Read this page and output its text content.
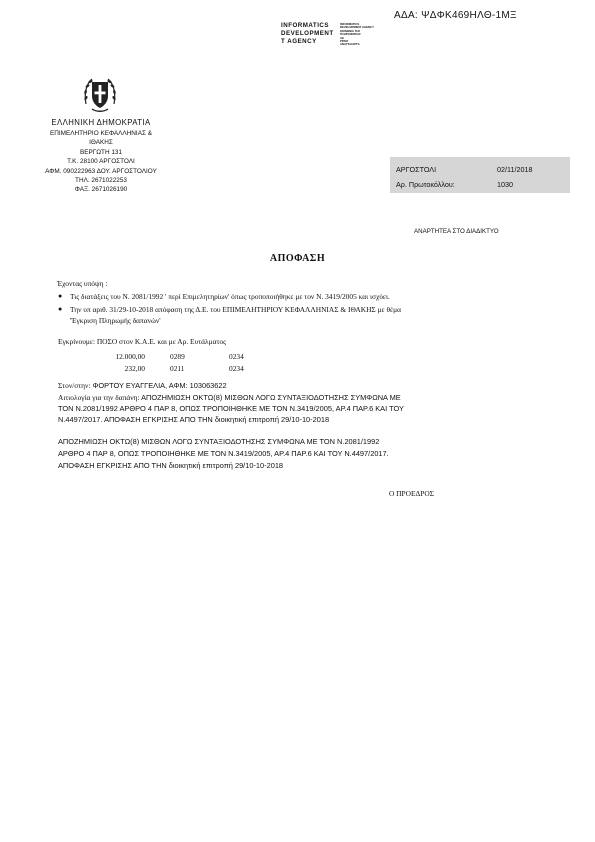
ΑΔΑ: ΨΔΦΚ469ΗΛΘ-1ΜΞ
INFORMATICS
DEVELOPMENT
T AGENCY
INFORMATICS
DEVELOPMENT AGENCY
ΚΟΙΝΩΝΙΑ ΤΗΣ ΠΛΗΡΟΦΟΡΙΑΣ
ΑΕ
ΡΡΑΜ
ΑΝΑΓΚΗ ΕΡΓΑ
ΕΛΛΗΝΙΚΗ ΔΗΜΟΚΡΑΤΙΑ
ΕΠΙΜΕΛΗΤΗΡΙΟ ΚΕΦΑΛΛΗΝΙΑΣ &
ΙΘΑΚΗΣ
ΒΕΡΓΩΤΗ 131
Τ.Κ. 28100 ΑΡΓΟΣΤΟΛΙ
ΑΦΜ. 090222963 ΔΟΥ. ΑΡΓΟΣΤΟΛΙΟΥ
ΤΗΛ. 2671022253
ΦΑΞ. 2671026190
ΑΡΓΟΣΤΟΛΙ	02/11/2018
Αρ. Πρωτοκόλλου:	1030
ΑΝΑΡΤΗΤΕΑ ΣΤΟ ΔΙΑΔΙΚΤΥΟ
ΑΠΟΦΑΣΗ
Έχοντας υπόψη :
● Τις διατάξεις του Ν. 2081/1992 ' περί Επιμελητηρίων' όπως τροποποιήθηκε με τον Ν. 3419/2005 και ισχύει.
● Την υπ αριθ. 31/29-10-2018 απόφαση της Δ.Ε. του ΕΠΙΜΕΛΗΤΗΡΙΟΥ ΚΕΦΑΛΛΗΝΙΑΣ & ΙΘΑΚΗΣ με θέμα
'Έγκριση Πληρωμής δαπανών'
Εγκρίνουμε: ΠΟΣΟ στον Κ.Α.Ε. και με Αρ. Ευτάλματος
12.000,00	0289	0234
232,00	0211	0234
Στον/στην: ΦΟΡΤΟΥ ΕΥΑΓΓΕΛΙΑ, ΑΦΜ: 103063622
Αιτιολογία για την δαπάνη: ΑΠΟΖΗΜΙΩΣΗ ΟΚΤΩ(8) ΜΙΣΘΩΝ ΛΟΓΩ ΣΥΝΤΑΞΙΟΔΟΤΗΣΗΣ ΣΥΜΦΩΝΑ ΜΕ
ΤΟΝ Ν.2081/1992 ΑΡΘΡΟ 4 ΠΑΡ 8, ΟΠΩΣ ΤΡΟΠΟΙΗΘΗΚΕ ΜΕ ΤΟΝ Ν.3419/2005, ΑΡ.4 ΠΑΡ.6 ΚΑΙ ΤΟΥ
Ν.4497/2017. ΑΠΟΦΑΣΗ ΕΓΚΡΙΣΗΣ ΑΠΟ ΤΗΝ διοικητική επιτροπή 29/10-10-2018
ΑΠΟΖΗΜΙΩΣΗ ΟΚΤΩ(8) ΜΙΣΘΩΝ ΛΟΓΩ ΣΥΝΤΑΞΙΟΔΟΤΗΣΗΣ ΣΥΜΦΩΝΑ ΜΕ ΤΟΝ Ν.2081/1992
ΑΡΘΡΟ 4 ΠΑΡ 8, ΟΠΩΣ ΤΡΟΠΟΙΗΘΗΚΕ ΜΕ ΤΟΝ Ν.3419/2005, ΑΡ.4 ΠΑΡ.6 ΚΑΙ ΤΟΥ Ν.4497/2017.
ΑΠΟΦΑΣΗ ΕΓΚΡΙΣΗΣ ΑΠΟ ΤΗΝ διοικητική επιτροπή 29/10-10-2018
Ο ΠΡΟΕΔΡΟΣ
